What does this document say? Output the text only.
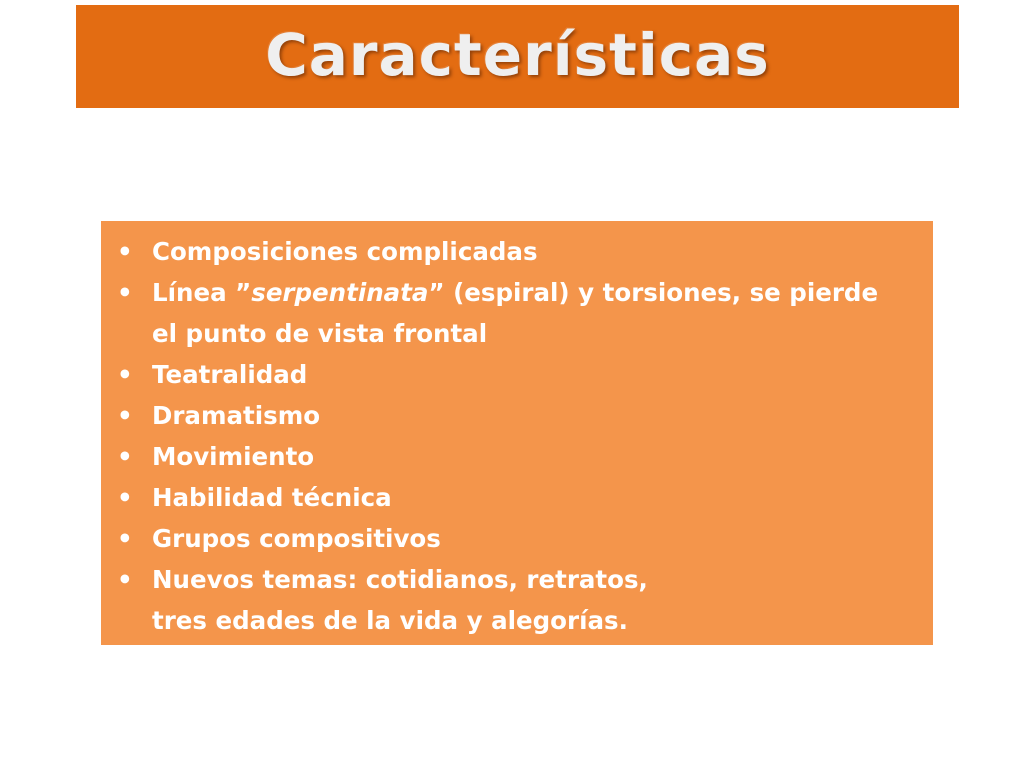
Características
• Composiciones complicadas
• Línea ”serpentinata” (espiral) y torsiones, se pierde
el punto de vista frontal
• Teatralidad
• Dramatismo
• Movimiento
• Habilidad técnica
• Grupos compositivos
• Nuevos temas: cotidianos, retratos,
tres edades de la vida y alegorías.
